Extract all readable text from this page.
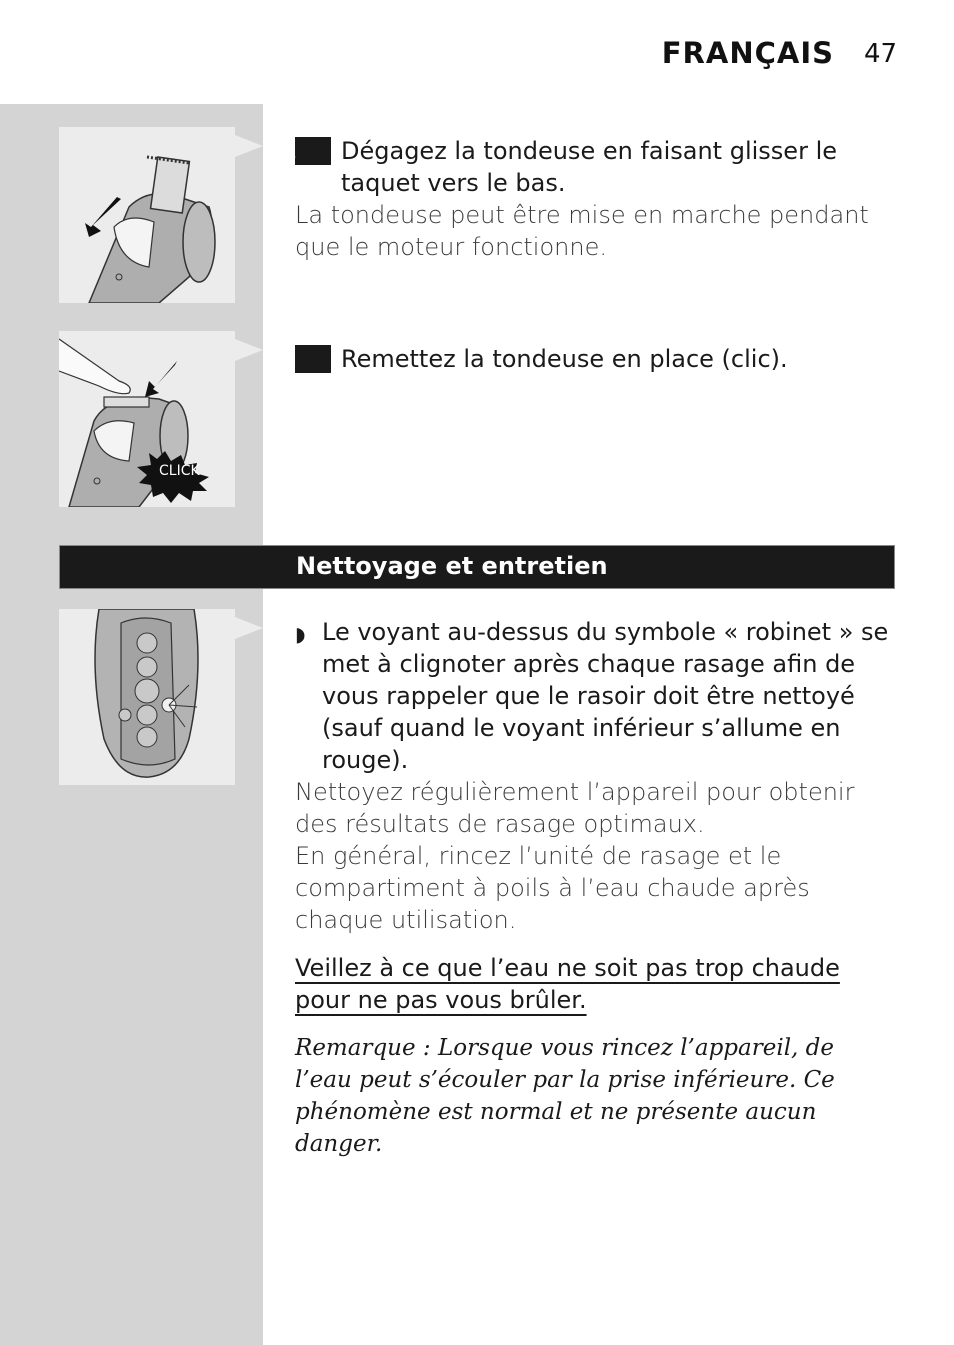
FRANÇAIS 47
CLICK
1 Dégagez la tondeuse en faisant glisser le taquet vers le bas.
La tondeuse peut être mise en marche pendant que le moteur fonctionne.
2 Remettez la tondeuse en place (clic).
Nettoyage et entretien
◗ Le voyant au-dessus du symbole « robinet » se met à clignoter après chaque rasage afin de vous rappeler que le rasoir doit être nettoyé (sauf quand le voyant inférieur s’allume en rouge).
Nettoyez régulièrement l’appareil pour obtenir des résultats de rasage optimaux.
En général, rincez l’unité de rasage et le compartiment à poils à l’eau chaude après chaque utilisation.
Veillez à ce que l’eau ne soit pas trop chaude pour ne pas vous brûler.
Remarque : Lorsque vous rincez l’appareil, de l’eau peut s’écouler par la prise inférieure. Ce phénomène est normal et ne présente aucun danger.
